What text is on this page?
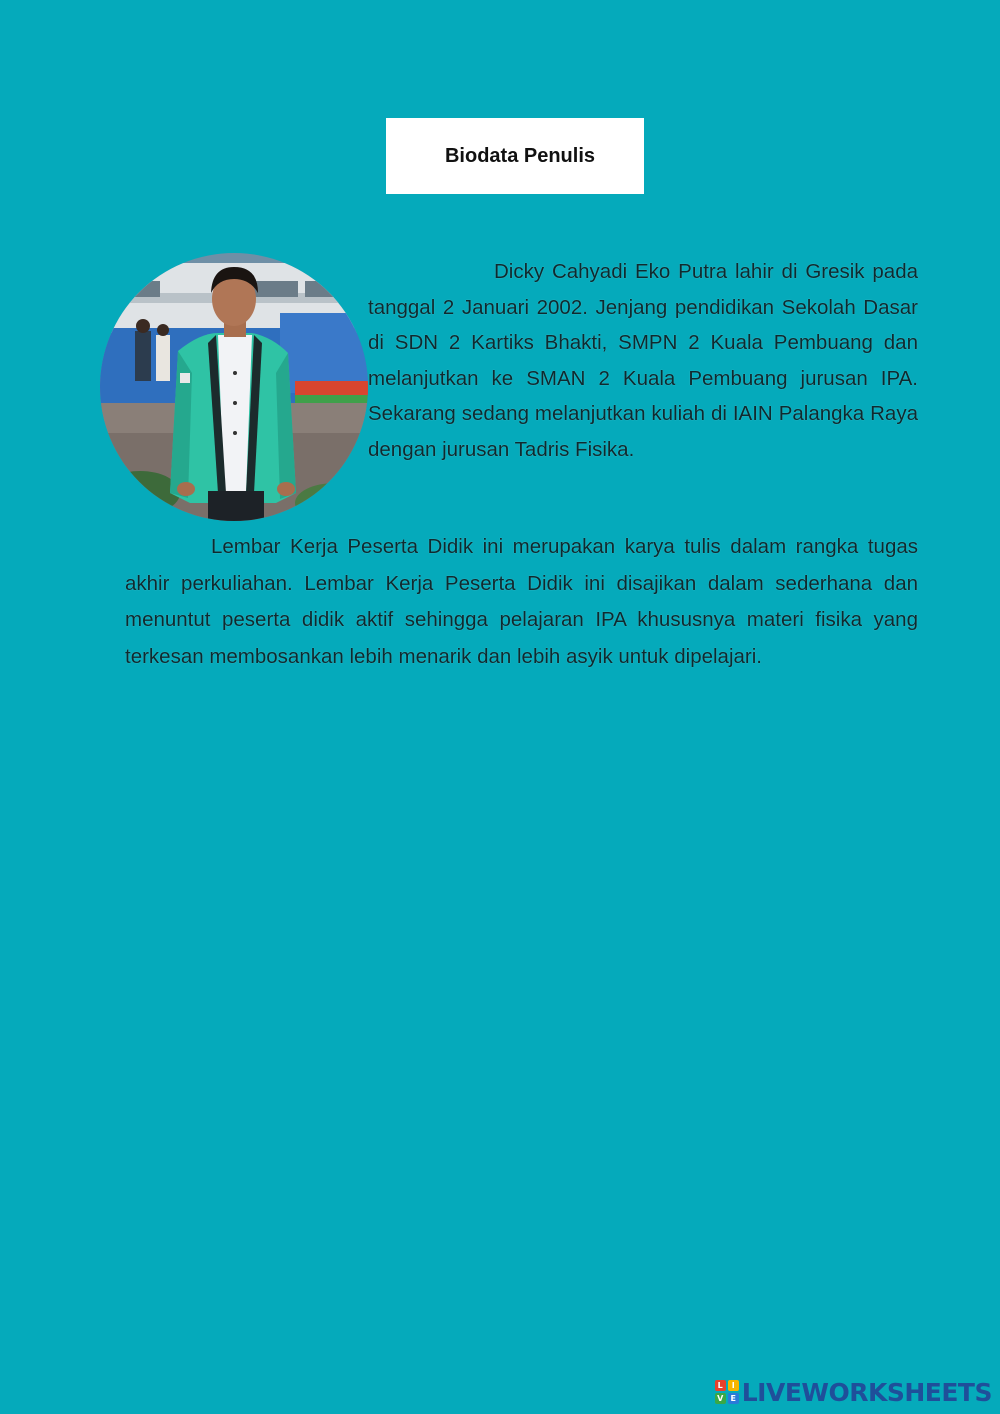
Biodata Penulis

Dicky Cahyadi Eko Putra lahir di Gresik pada tanggal 2 Januari 2002. Jenjang pendidikan Sekolah Dasar di SDN 2 Kartiks Bhakti, SMPN 2 Kuala Pembuang dan melanjutkan ke SMAN 2 Kuala Pembuang jurusan IPA. Sekarang sedang melanjutkan kuliah di IAIN Palangka Raya dengan jurusan Tadris Fisika.

Lembar Kerja Peserta Didik ini merupakan karya tulis dalam rangka tugas akhir perkuliahan. Lembar Kerja Peserta Didik ini disajikan dalam sederhana dan menuntut peserta didik aktif sehingga pelajaran IPA khususnya materi fisika yang terkesan membosankan lebih menarik dan lebih asyik untuk dipelajari.

L	I
V E LIVEWORKSHEETS
